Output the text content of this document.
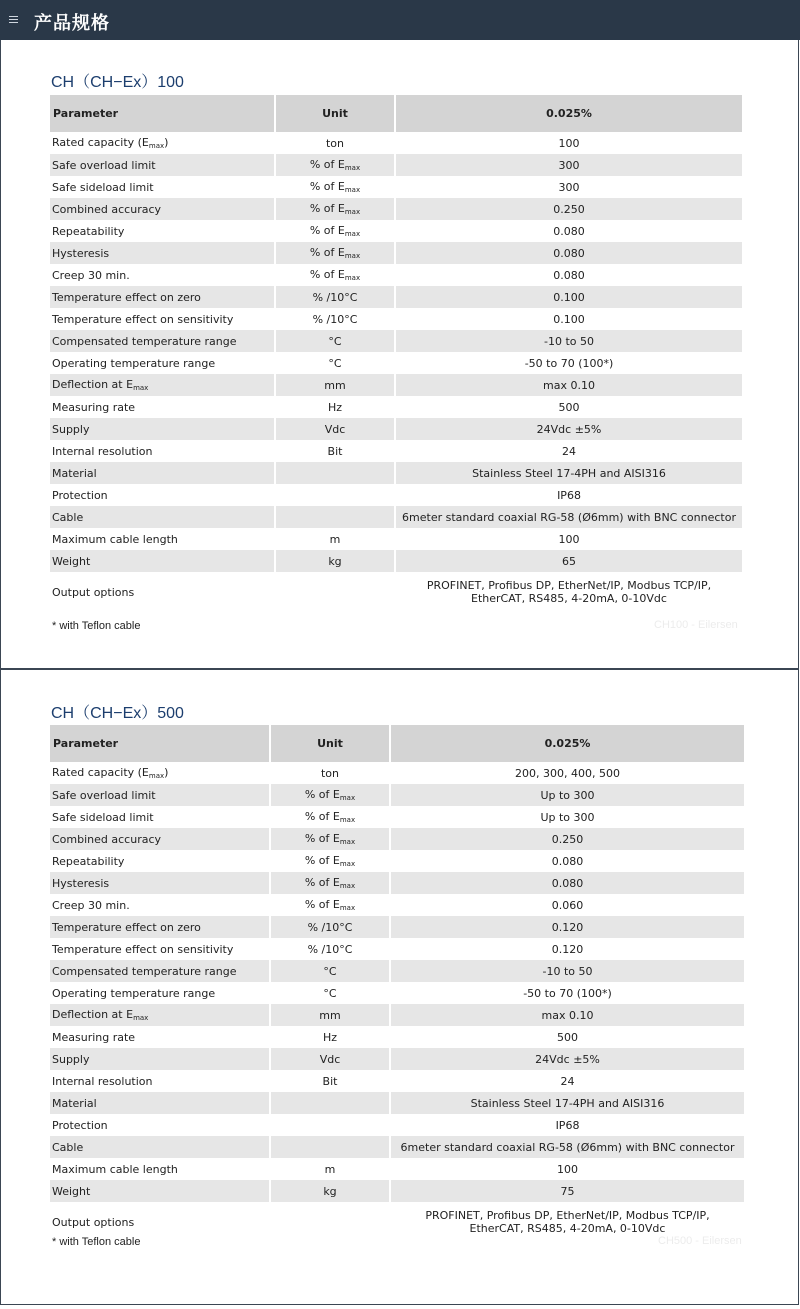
产品规格
CH（CH−Ex）100
Parameter	Unit	0.025%
Rated capacity $(E_{max})$	ton	100
Safe overload limit	% of $E_{max}$	300
Safe sideload limit	% of $E_{max}$	300
Combined accuracy	% of $E_{max}$	0.250
Repeatability	% of $E_{max}$	0.080
Hysteresis	% of $E_{max}$	0.080
Creep 30 min.	% of $E_{max}$	0.080
Temperature effect on zero	% /10°C	0.100
Temperature effect on sensitivity	% /10°C	0.100
Compensated temperature range	°C	-10 to 50
Operating temperature range	°C	-50 to 70 (100*)
Deflection at $E_{max}$	mm	max 0.10
Measuring rate	Hz	500
Supply	Vdc	24Vdc ±5%
Internal resolution	Bit	24
Material		Stainless Steel 17-4PH and AISI316
Protection		IP68
Cable		6meter standard coaxial RG-58 (Ø6mm) with BNC connector
Maximum cable length	m	100
Weight	kg	65
Output options		PROFINET, Profibus DP, EtherNet/IP, Modbus TCP/IP,
EtherCAT, RS485, 4-20mA, 0-10Vdc
* with Teflon cable	CH100 - Eilersen
CH（CH−Ex）500
Parameter	Unit	0.025%
Rated capacity $(E_{max})$	ton	200, 300, 400, 500
Safe overload limit	% of $E_{max}$	Up to 300
Safe sideload limit	% of $E_{max}$	Up to 300
Combined accuracy	% of $E_{max}$	0.250
Repeatability	% of $E_{max}$	0.080
Hysteresis	% of $E_{max}$	0.080
Creep 30 min.	% of $E_{max}$	0.060
Temperature effect on zero	% /10°C	0.120
Temperature effect on sensitivity	% /10°C	0.120
Compensated temperature range	°C	-10 to 50
Operating temperature range	°C	-50 to 70 (100*)
Deflection at $E_{max}$	mm	max 0.10
Measuring rate	Hz	500
Supply	Vdc	24Vdc ±5%
Internal resolution	Bit	24
Material		Stainless Steel 17-4PH and AISI316
Protection		IP68
Cable		6meter standard coaxial RG-58 (Ø6mm) with BNC connector
Maximum cable length	m	100
Weight	kg	75
Output options		PROFINET, Profibus DP, EtherNet/IP, Modbus TCP/IP,
EtherCAT, RS485, 4-20mA, 0-10Vdc
* with Teflon cable	CH500 - Eilersen
